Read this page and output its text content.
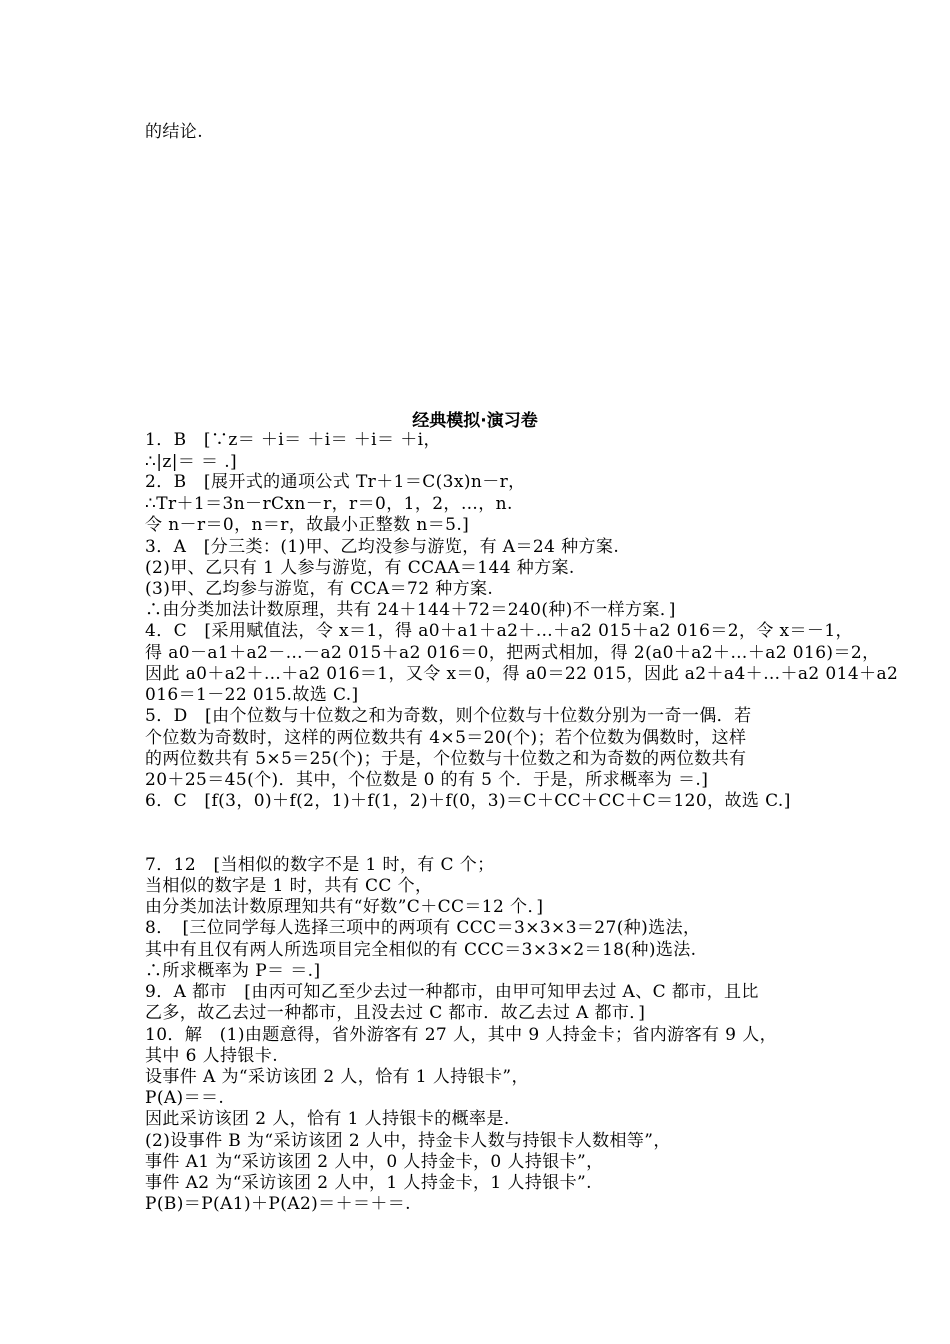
的结论.
经典模拟·演习卷
1．B　[∵z＝ ＋i＝ ＋i＝ ＋i＝ ＋i，
∴|z|＝ ＝ .]
2．B　[展开式的通项公式 Tr＋1＝C(3x)n－r，
∴Tr＋1＝3n－rCxn－r，r＝0，1，2，…，n.
令 n－r＝0，n＝r，故最小正整数 n＝5.]
3．A　[分三类：(1)甲、乙均没参与游览，有 A＝24 种方案.
(2)甲、乙只有 1 人参与游览，有 CCAA＝144 种方案.
(3)甲、乙均参与游览，有 CCA＝72 种方案.
∴由分类加法计数原理，共有 24＋144＋72＝240(种)不一样方案．]
4．C　[采用赋值法，令 x＝1，得 a0＋a1＋a2＋…＋a2 015＋a2 016＝2，令 x＝－1，
得 a0－a1＋a2－…－a2 015＋a2 016＝0，把两式相加，得 2(a0＋a2＋…＋a2 016)＝2，
因此 a0＋a2＋…＋a2 016＝1，又令 x＝0，得 a0＝22 015，因此 a2＋a4＋…＋a2 014＋a2
016＝1－22 015.故选 C.]
5．D　[由个位数与十位数之和为奇数，则个位数与十位数分别为一奇一偶．若
个位数为奇数时，这样的两位数共有 4×5＝20(个)；若个位数为偶数时，这样
的两位数共有 5×5＝25(个)；于是，个位数与十位数之和为奇数的两位数共有
20＋25＝45(个)．其中，个位数是 0 的有 5 个．于是，所求概率为 ＝.]
6．C　[f(3，0)＋f(2，1)＋f(1，2)＋f(0，3)＝C＋CC＋CC＋C＝120，故选 C.]
7．12　[当相似的数字不是 1 时，有 C 个；
当相似的数字是 1 时，共有 CC 个，
由分类加法计数原理知共有“好数”C＋CC＝12 个．]
8．　[三位同学每人选择三项中的两项有 CCC＝3×3×3＝27(种)选法，
其中有且仅有两人所选项目完全相似的有 CCC＝3×3×2＝18(种)选法.
∴所求概率为 P＝ ＝.]
9．A 都市　[由丙可知乙至少去过一种都市，由甲可知甲去过 A、C 都市，且比
乙多，故乙去过一种都市，且没去过 C 都市．故乙去过 A 都市．]
10．解　(1)由题意得，省外游客有 27 人，其中 9 人持金卡；省内游客有 9 人，
其中 6 人持银卡.
设事件 A 为“采访该团 2 人，恰有 1 人持银卡”，
P(A)＝＝.
因此采访该团 2 人，恰有 1 人持银卡的概率是.
(2)设事件 B 为“采访该团 2 人中，持金卡人数与持银卡人数相等”，
事件 A1 为“采访该团 2 人中，0 人持金卡，0 人持银卡”，
事件 A2 为“采访该团 2 人中，1 人持金卡，1 人持银卡”.
P(B)＝P(A1)＋P(A2)＝＋＝＋＝.
